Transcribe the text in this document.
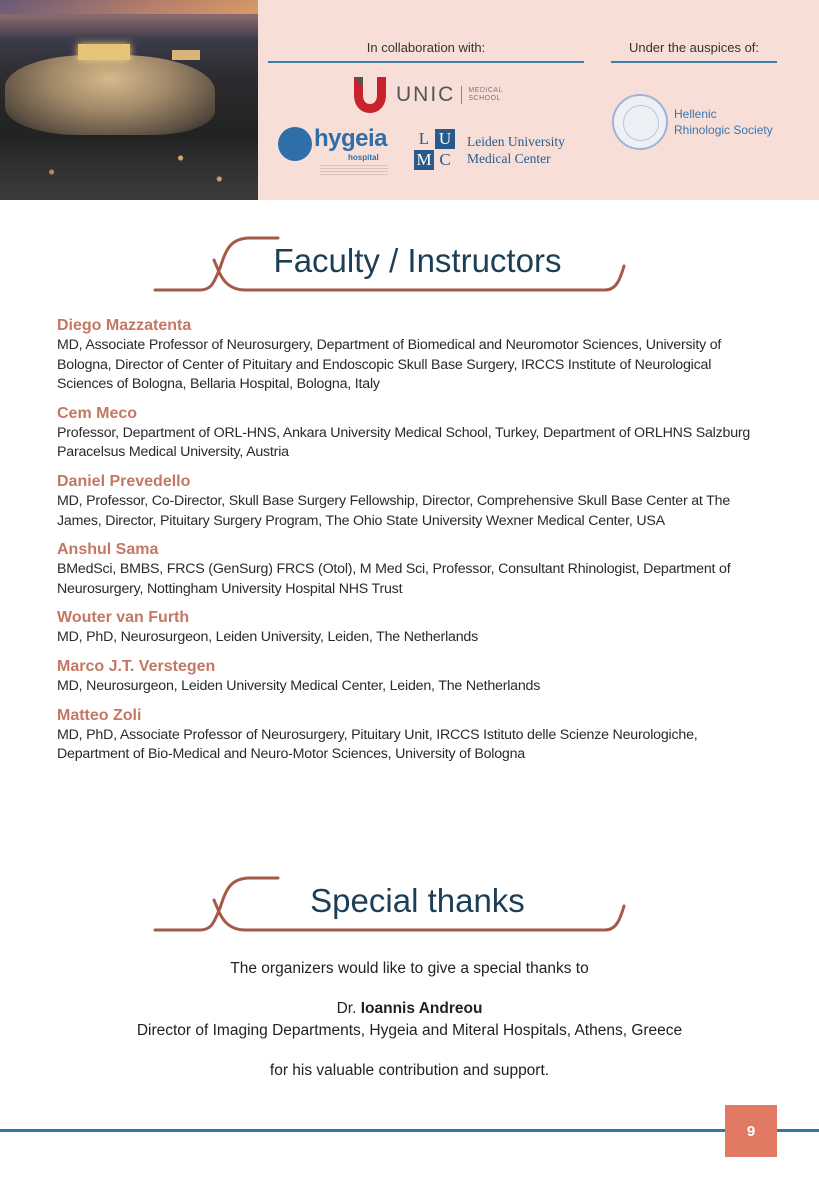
In collaboration with:	Under the auspices of:
UNIC MEDICAL
SCHOOL
hygeia
hospital
L U
M C
Leiden University
Medical Center
Hellenic
Rhinologic Society
Faculty / Instructors
Diego Mazzatenta
MD, Associate Professor of Neurosurgery, Department of Biomedical and Neuromotor Sciences, University of Bologna, Director of Center of Pituitary and Endoscopic Skull Base Surgery, IRCCS Institute of Neurological Sciences of Bologna, Bellaria Hospital, Bologna, Italy
Cem Meco
Professor, Department of ORL-HNS, Ankara University Medical School, Turkey, Department of ORLHNS Salzburg Paracelsus Medical University, Austria
Daniel Prevedello
MD, Professor, Co-Director, Skull Base Surgery Fellowship, Director, Comprehensive Skull Base Center at The James, Director, Pituitary Surgery Program, The Ohio State University Wexner Medical Center, USA
Anshul Sama
BMedSci, BMBS, FRCS (GenSurg) FRCS (Otol), M Med Sci, Professor, Consultant Rhinologist, Department of Neurosurgery, Nottingham University Hospital NHS Trust
Wouter van Furth
MD, PhD, Neurosurgeon, Leiden University, Leiden, The Netherlands
Marco J.T. Verstegen
MD, Neurosurgeon, Leiden University Medical Center, Leiden, The Netherlands
Matteo Zoli
MD, PhD, Associate Professor of Neurosurgery, Pituitary Unit, IRCCS Istituto delle Scienze Neurologiche, Department of Bio-Medical and Neuro-Motor Sciences, University of Bologna
Special thanks
The organizers would like to give a special thanks to
Dr. Ioannis Andreou
Director of Imaging Departments, Hygeia and Miteral Hospitals, Athens, Greece
for his valuable contribution and support.
9
